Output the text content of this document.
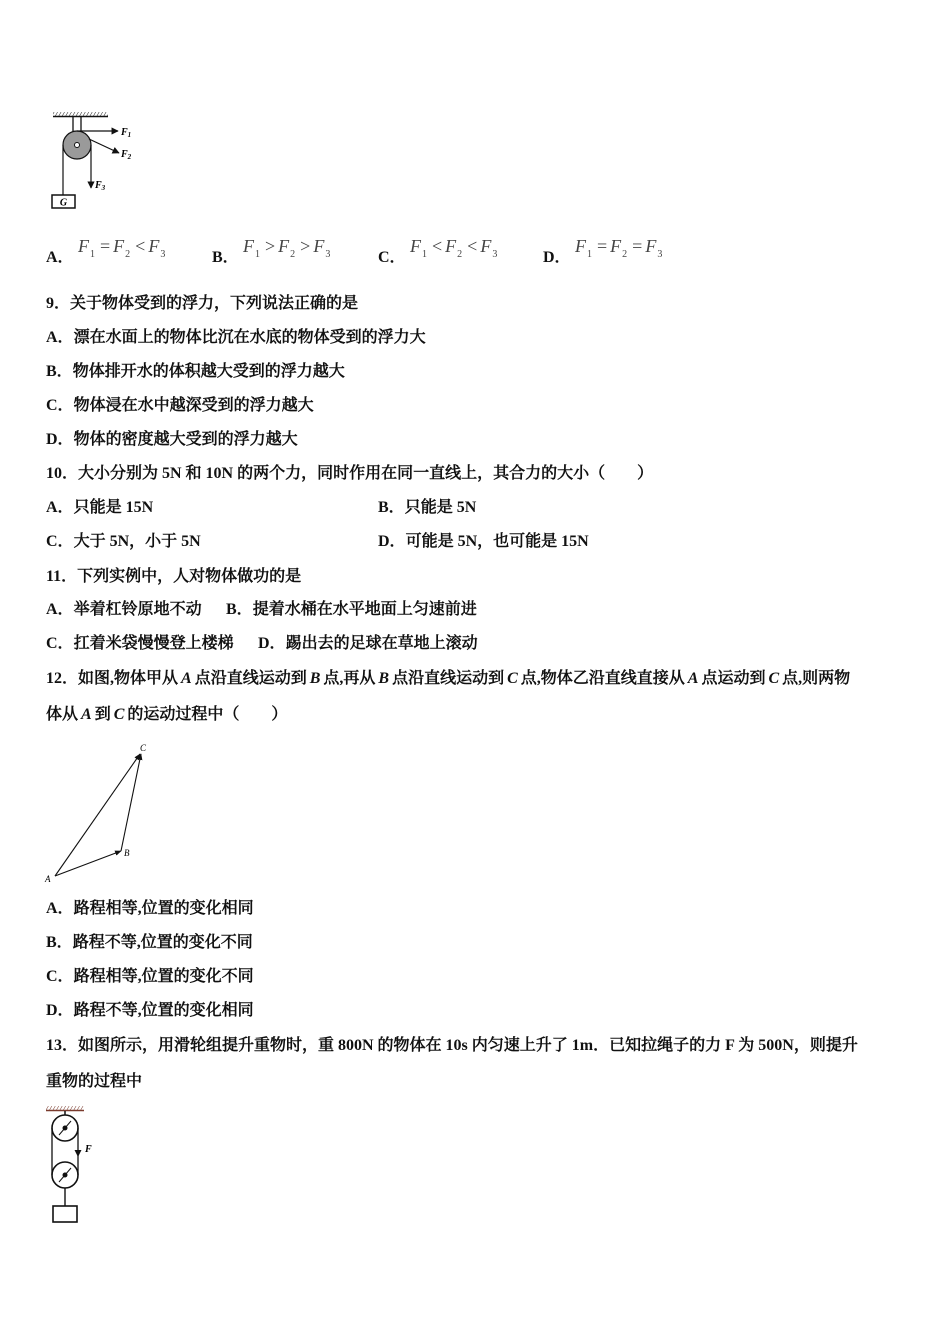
G
$F_1$
$F_2$
$F_3$
A．
$F_1 = F_2 < F_3$	B．
$F_1 > F_2 > F_3$	C．
$F_1 < F_2 < F_3$	D．
$F_1 = F_2 = F_3$
9．关于物体受到的浮力，下列说法正确的是
A．漂在水面上的物体比沉在水底的物体受到的浮力大
B．物体排开水的体积越大受到的浮力越大
C．物体浸在水中越深受到的浮力越大
D．物体的密度越大受到的浮力越大
10．大小分别为 5N 和 10N 的两个力，同时作用在同一直线上，其合力的大小（　　）
A．只能是 15N	B．只能是 5N
C．大于 5N，小于 5N	D．可能是 5N，也可能是 15N
11．下列实例中，人对物体做功的是
A．举着杠铃原地不动 B．提着水桶在水平地面上匀速前进
C．扛着米袋慢慢登上楼梯 D．踢出去的足球在草地上滚动
12．如图,物体甲从 A 点沿直线运动到 B 点,再从 B 点沿直线运动到 C 点,物体乙沿直线直接从 A 点运动到 C 点,则两物
体从 A 到 C 的运动过程中（　　）
A
B
C
A．路程相等,位置的变化相同
B．路程不等,位置的变化不同
C．路程相等,位置的变化不同
D．路程不等,位置的变化相同
13．如图所示，用滑轮组提升重物时，重 800N 的物体在 10s 内匀速上升了 1m．已知拉绳子的力 F 为 500N，则提升
重物的过程中
F
